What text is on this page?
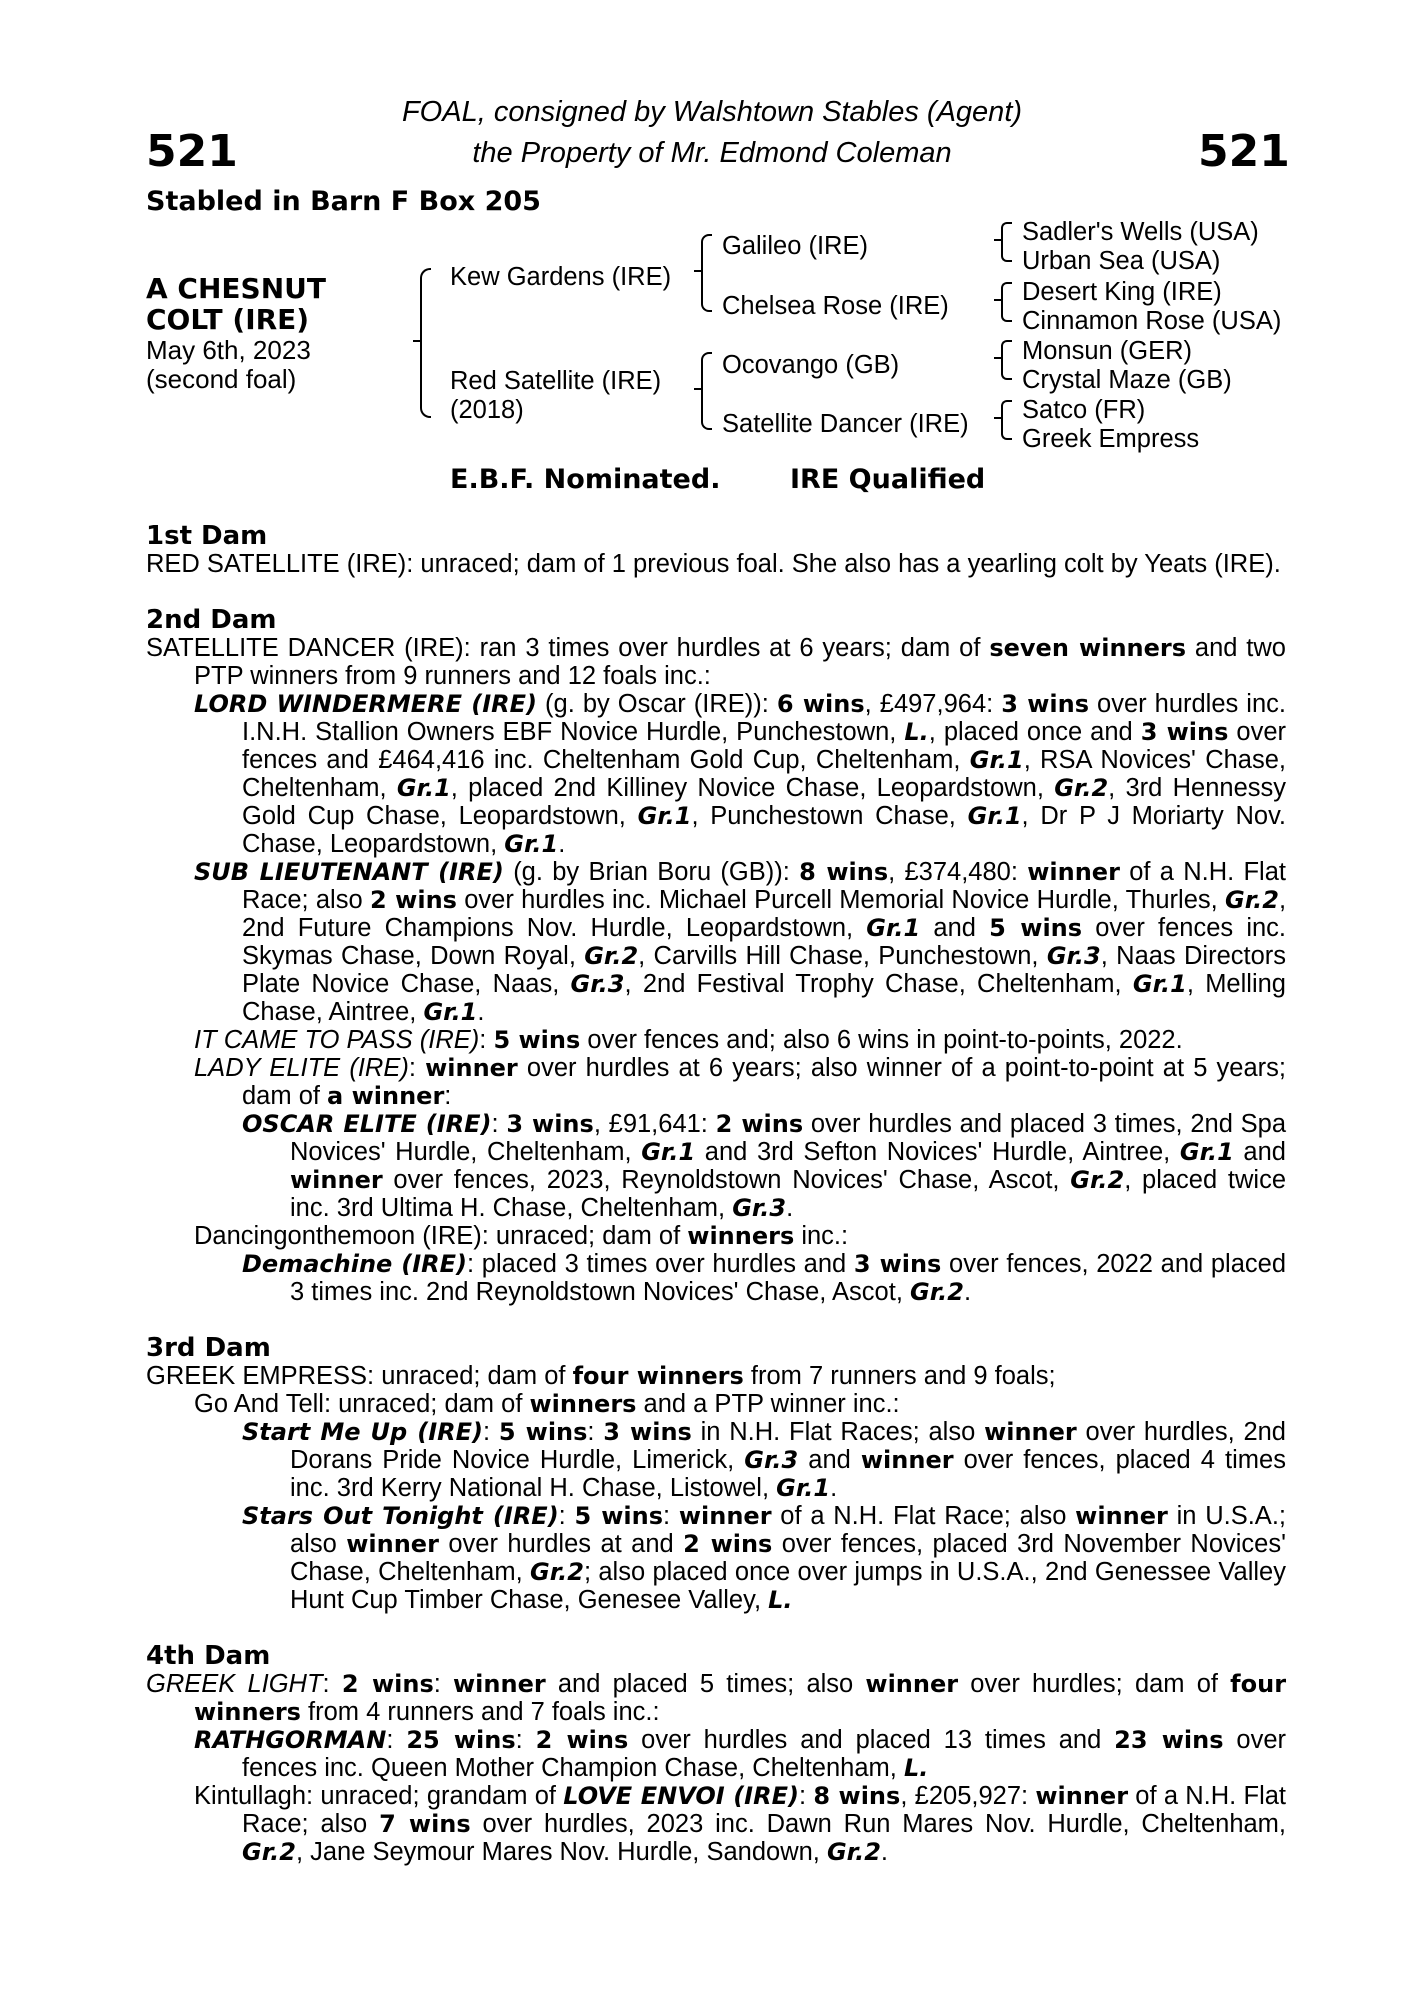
521	521
FOAL, consigned by Walshtown Stables (Agent)
the Property of Mr. Edmond Coleman
Stabled in Barn F Box 205
A CHESNUT
COLT (IRE)
May 6th, 2023
(second foal)
Kew Gardens (IRE)
Red Satellite (IRE)
(2018)
Galileo (IRE)
Chelsea Rose (IRE)
Ocovango (GB)
Satellite Dancer (IRE)
Sadler's Wells (USA)
Urban Sea (USA)
Desert King (IRE)
Cinnamon Rose (USA)
Monsun (GER)
Crystal Maze (GB)
Satco (FR)
Greek Empress
E.B.F. Nominated.	IRE Qualified
1st Dam

RED SATELLITE (IRE): unraced; dam of 1 previous foal. She also has a yearling colt by Yeats (IRE).

2nd Dam

SATELLITE DANCER (IRE): ran 3 times over hurdles at 6 years; dam of seven winners and two PTP winners from 9 runners and 12 foals inc.:

LORD WINDERMERE (IRE) (g. by Oscar (IRE)): 6 wins, £497,964: 3 wins over hurdles inc. I.N.H. Stallion Owners EBF Novice Hurdle, Punchestown, L., placed once and 3 wins over fences and £464,416 inc. Cheltenham Gold Cup, Cheltenham, Gr.1, RSA Novices' Chase, Cheltenham, Gr.1, placed 2nd Killiney Novice Chase, Leopardstown, Gr.2, 3rd Hennessy Gold Cup Chase, Leopardstown, Gr.1, Punchestown Chase, Gr.1, Dr P J Moriarty Nov. Chase, Leopardstown, Gr.1.

SUB LIEUTENANT (IRE) (g. by Brian Boru (GB)): 8 wins, £374,480: winner of a N.H. Flat Race; also 2 wins over hurdles inc. Michael Purcell Memorial Novice Hurdle, Thurles, Gr.2, 2nd Future Champions Nov. Hurdle, Leopardstown, Gr.1 and 5 wins over fences inc. Skymas Chase, Down Royal, Gr.2, Carvills Hill Chase, Punchestown, Gr.3, Naas Directors Plate Novice Chase, Naas, Gr.3, 2nd Festival Trophy Chase, Cheltenham, Gr.1, Melling Chase, Aintree, Gr.1.

IT CAME TO PASS (IRE): 5 wins over fences and; also 6 wins in point-to-points, 2022.

LADY ELITE (IRE): winner over hurdles at 6 years; also winner of a point-to-point at 5 years; dam of a winner:

OSCAR ELITE (IRE): 3 wins, £91,641: 2 wins over hurdles and placed 3 times, 2nd Spa Novices' Hurdle, Cheltenham, Gr.1 and 3rd Sefton Novices' Hurdle, Aintree, Gr.1 and winner over fences, 2023, Reynoldstown Novices' Chase, Ascot, Gr.2, placed twice inc. 3rd Ultima H. Chase, Cheltenham, Gr.3.

Dancingonthemoon (IRE): unraced; dam of winners inc.:

Demachine (IRE): placed 3 times over hurdles and 3 wins over fences, 2022 and placed 3 times inc. 2nd Reynoldstown Novices' Chase, Ascot, Gr.2.

3rd Dam

GREEK EMPRESS: unraced; dam of four winners from 7 runners and 9 foals;

Go And Tell: unraced; dam of winners and a PTP winner inc.:

Start Me Up (IRE): 5 wins: 3 wins in N.H. Flat Races; also winner over hurdles, 2nd Dorans Pride Novice Hurdle, Limerick, Gr.3 and winner over fences, placed 4 times inc. 3rd Kerry National H. Chase, Listowel, Gr.1.

Stars Out Tonight (IRE): 5 wins: winner of a N.H. Flat Race; also winner in U.S.A.; also winner over hurdles at and 2 wins over fences, placed 3rd November Novices' Chase, Cheltenham, Gr.2; also placed once over jumps in U.S.A., 2nd Genessee Valley Hunt Cup Timber Chase, Genesee Valley, L.

4th Dam

GREEK LIGHT: 2 wins: winner and placed 5 times; also winner over hurdles; dam of four winners from 4 runners and 7 foals inc.:

RATHGORMAN: 25 wins: 2 wins over hurdles and placed 13 times and 23 wins over fences inc. Queen Mother Champion Chase, Cheltenham, L.

Kintullagh: unraced; grandam of LOVE ENVOI (IRE): 8 wins, £205,927: winner of a N.H. Flat Race; also 7 wins over hurdles, 2023 inc. Dawn Run Mares Nov. Hurdle, Cheltenham, Gr.2, Jane Seymour Mares Nov. Hurdle, Sandown, Gr.2.
